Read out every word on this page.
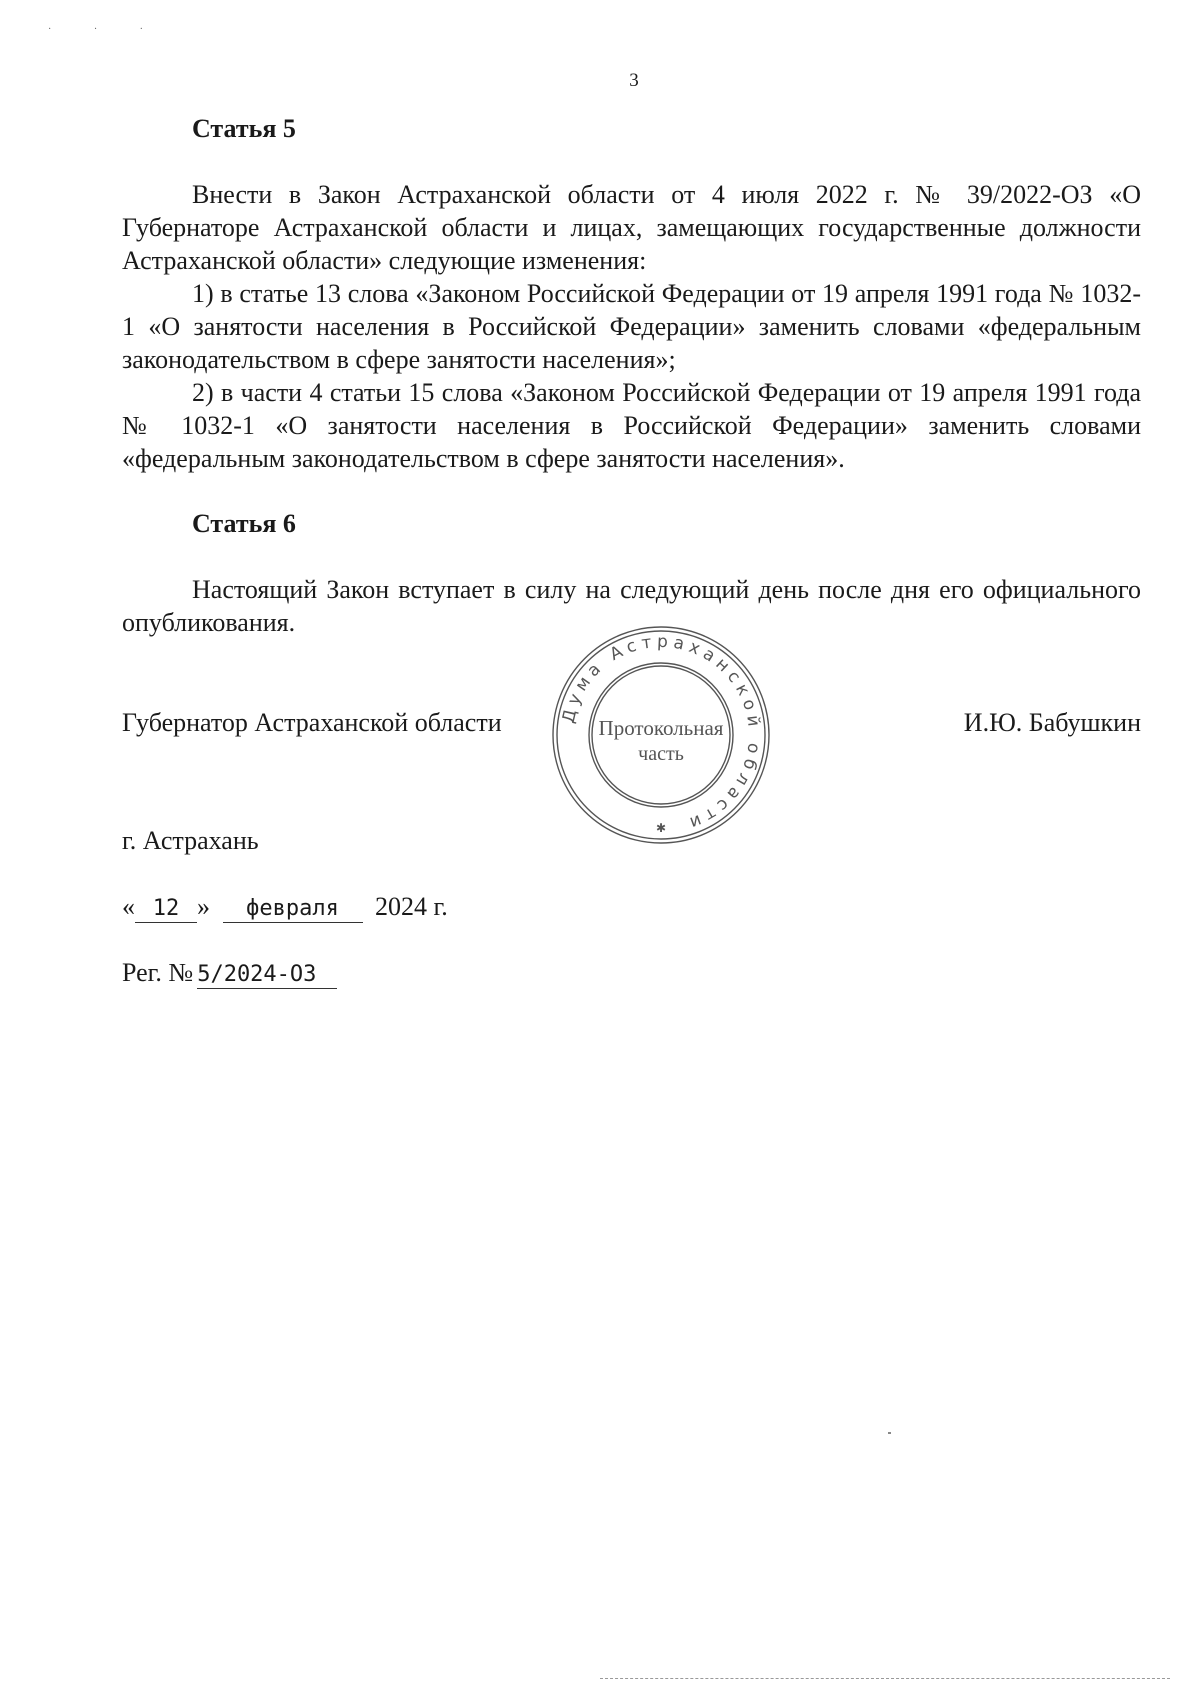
· · ·
3
Статья 5

Внести в Закон Астраханской области от 4 июля 2022 г. № 39/2022-ОЗ «О Губернаторе Астраханской области и лицах, замещающих государственные должности Астраханской области» следующие изменения:

1) в статье 13 слова «Законом Российской Федерации от 19 апреля 1991 года № 1032-1 «О занятости населения в Российской Федерации» заменить словами «федеральным законодательством в сфере занятости населения»;

2) в части 4 статьи 15 слова «Законом Российской Федерации от 19 апреля 1991 года № 1032-1 «О занятости населения в Российской Федерации» заменить словами «федеральным законодательством в сфере занятости населения».

Статья 6

Настоящий Закон вступает в силу на следующий день после дня его официального опубликования.

Губернатор Астраханской области	И.Ю. Бабушкин
Дума Астраханской области
Протокольная
часть
✱
г. Астрахань
« 12 » февраля 2024 г.
Рег. № 5/2024-ОЗ
